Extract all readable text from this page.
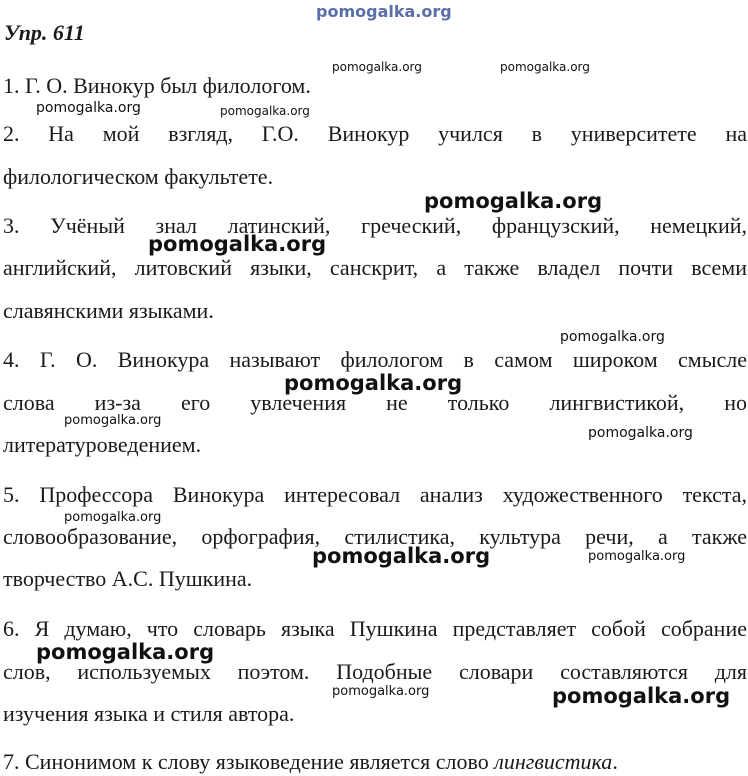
pomogalka.org
Упр. 611
1. Г. О. Винокур был филологом.
2. На мой взгляд, Г.О. Винокур учился в университете на
филологическом факультете.
3. Учёный знал латинский, греческий, французский, немецкий,
английский, литовский языки, санскрит, а также владел почти всеми
славянскими языками.
4. Г. О. Винокура называют филологом в самом широком смысле
слова из-за его увлечения не только лингвистикой, но
литературоведением.
5. Профессора Винокура интересовал анализ художественного текста,
словообразование, орфография, стилистика, культура речи, а также
творчество А.С. Пушкина.
6. Я думаю, что словарь языка Пушкина представляет собой собрание
слов, используемых поэтом. Подобные словари составляются для
изучения языка и стиля автора.
7. Синонимом к слову языковедение является слово лингвистика.
pomogalka.org	pomogalka.org
pomogalka.org	pomogalka.org
pomogalka.org
pomogalka.org
pomogalka.org
pomogalka.org
pomogalka.org
pomogalka.org
pomogalka.org
pomogalka.org
pomogalka.org
pomogalka.org
pomogalka.org
pomogalka.org
